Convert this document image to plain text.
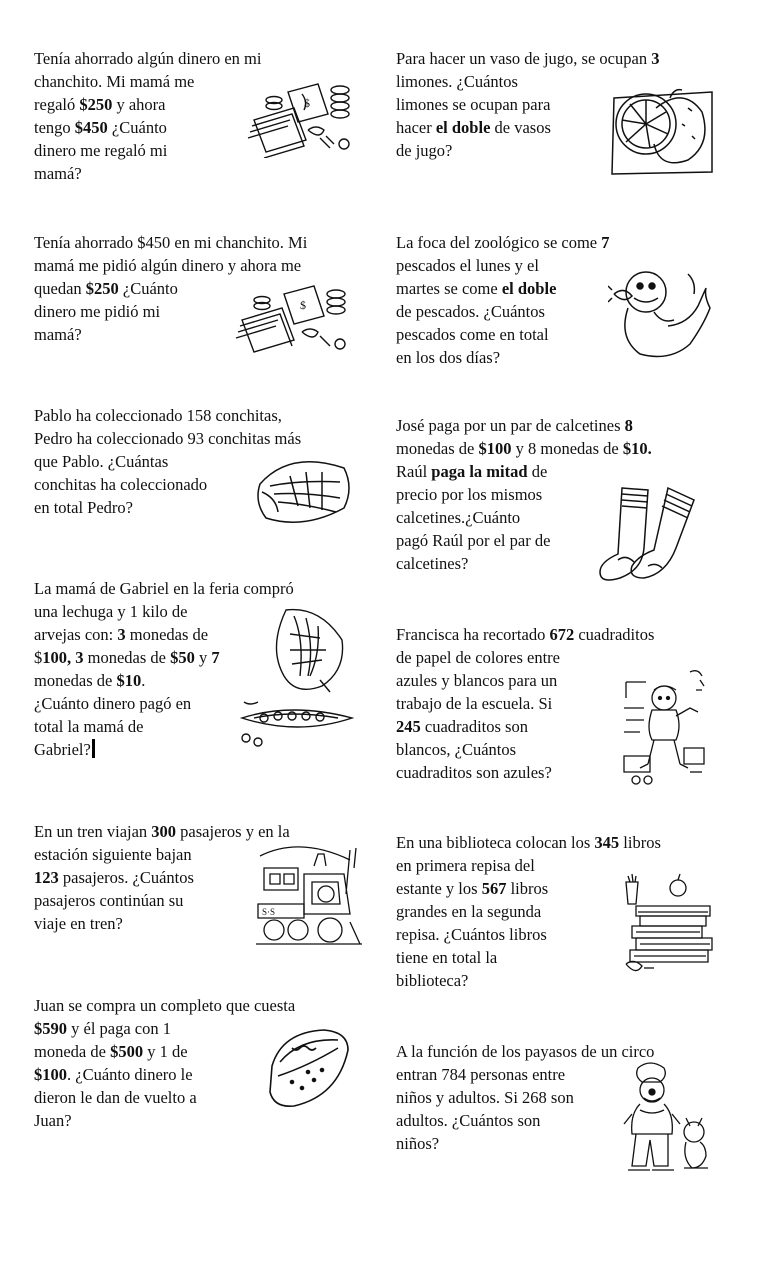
Tenía ahorrado algún dinero en mi
chanchito. Mi mamá me
regaló $250 y ahora
tengo $450 ¿Cuánto
dinero me regaló mi
mamá?
Para hacer un vaso de jugo, se ocupan 3
limones. ¿Cuántos
limones se ocupan para
hacer el doble de vasos
de jugo?
Tenía ahorrado $450 en mi chanchito. Mi
mamá me pidió algún dinero y ahora me
quedan $250 ¿Cuánto
dinero me pidió mi
mamá?
La foca del zoológico se come 7
pescados el lunes y el
martes se come el doble
de pescados. ¿Cuántos
pescados come en total
en los dos días?
Pablo ha coleccionado 158 conchitas,
Pedro ha coleccionado 93 conchitas más
que Pablo. ¿Cuántas
conchitas ha coleccionado
en total Pedro?
José paga por un par de calcetines 8
monedas de $100 y 8 monedas de $10.
Raúl paga la mitad de
precio por los mismos
calcetines.¿Cuánto
pagó Raúl por el par de
calcetines?
La mamá de Gabriel en la feria compró
una lechuga y 1 kilo de
arvejas con: 3 monedas de
$100, 3 monedas de $50 y 7
monedas de $10.
¿Cuánto dinero pagó en
total la mamá de
Gabriel?
Francisca ha recortado 672 cuadraditos
de papel de colores entre
azules y blancos para un
trabajo de la escuela. Si
245 cuadraditos son
blancos, ¿Cuántos
cuadraditos son azules?
En un tren viajan 300 pasajeros y en la
estación siguiente bajan
123 pasajeros. ¿Cuántos
pasajeros continúan su
viaje en tren?
En una biblioteca colocan los 345 libros
en primera repisa del
estante y los 567 libros
grandes en la segunda
repisa. ¿Cuántos libros
tiene en total la
biblioteca?
Juan se compra un completo que cuesta
$590 y él paga con 1
moneda de $500 y 1 de
$100. ¿Cuánto dinero le
dieron le dan de vuelto a
Juan?
A la función de los payasos de un circo
entran 784 personas entre
niños y adultos. Si 268 son
adultos. ¿Cuántos son
niños?
$
$
S·S
